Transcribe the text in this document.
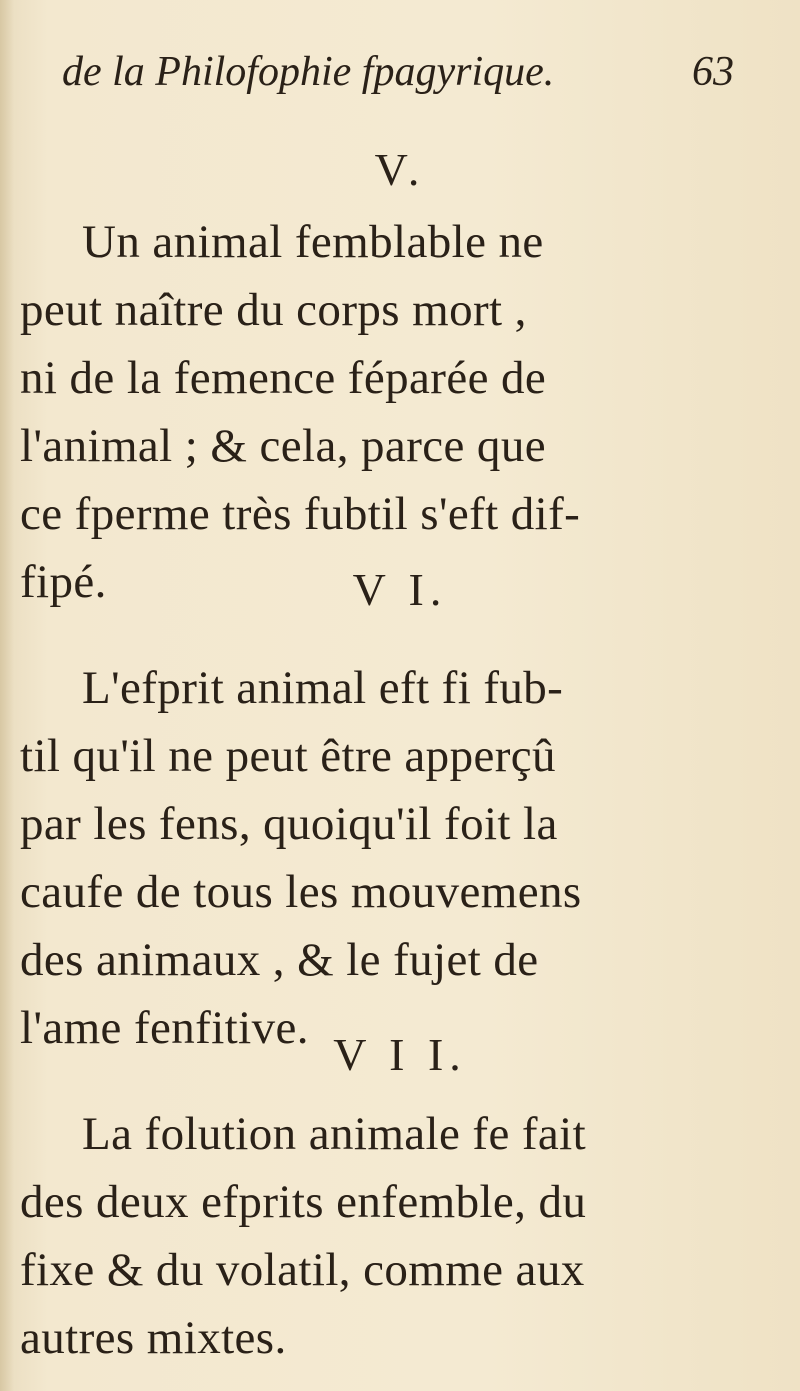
de la Philofophie fpagyrique.	63
V.
Un animal femblable ne
peut naître du corps mort ,
ni de la femence féparée de
l'animal ; & cela, parce que
ce fperme très fubtil s'eft dif-
fipé.	V I.
L'efprit animal eft fi fub-
til qu'il ne peut être apperçû
par les fens, quoiqu'il foit la
caufe de tous les mouvemens
des animaux , & le fujet de
l'ame fenfitive.
V I I.
La folution animale fe fait
des deux efprits enfemble, du
fixe & du volatil, comme aux
autres mixtes.
